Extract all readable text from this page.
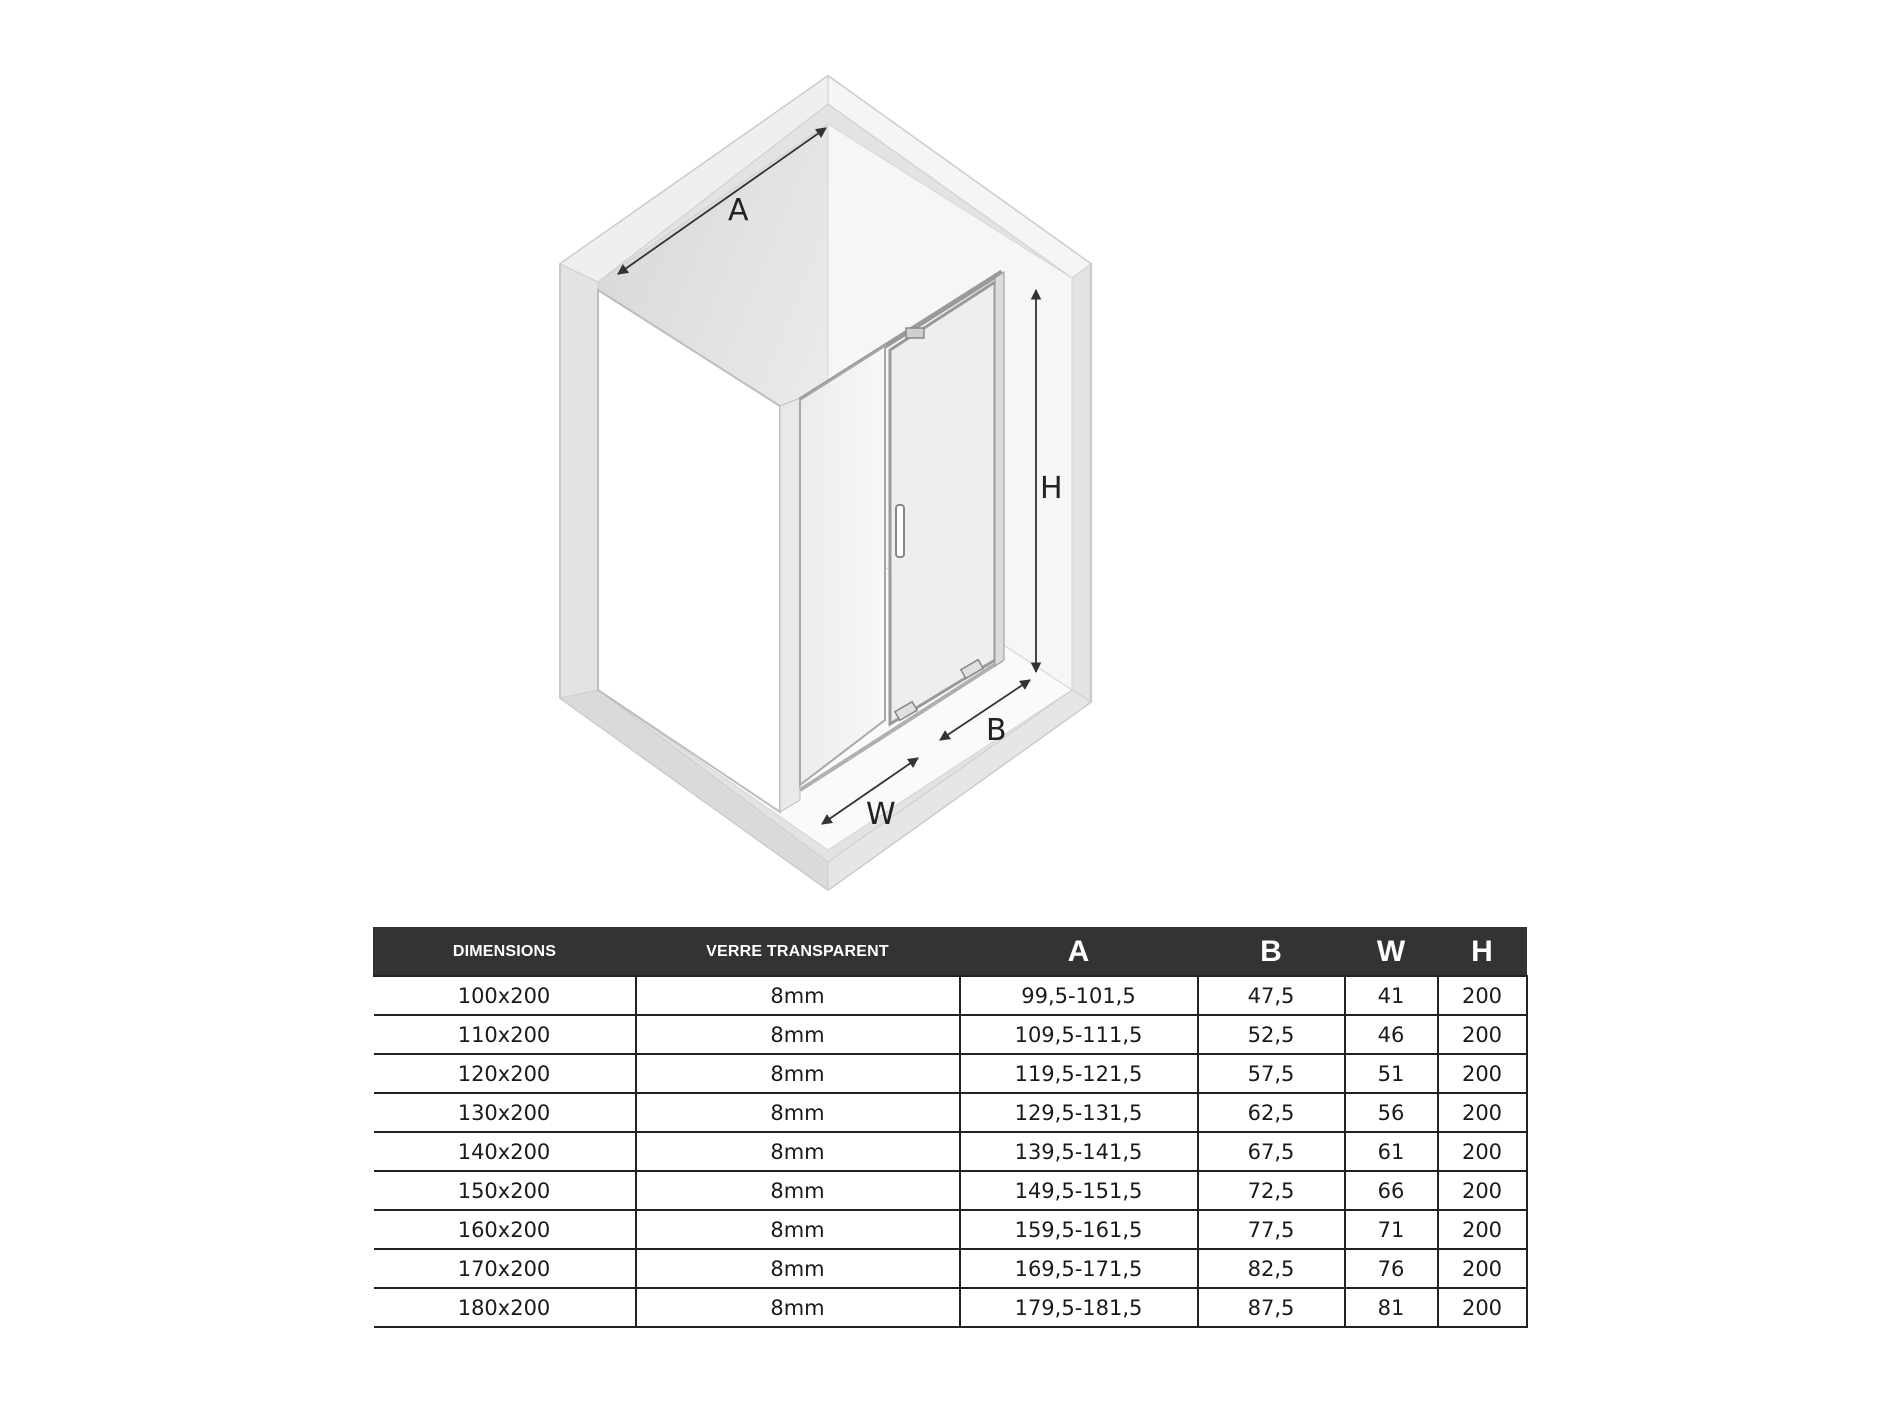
A
H
B
W
DIMENSIONS	VERRE TRANSPARENT	A	B	W	H
100x200	8mm	99,5-101,5	47,5	41	200
110x200	8mm	109,5-111,5	52,5	46	200
120x200	8mm	119,5-121,5	57,5	51	200
130x200	8mm	129,5-131,5	62,5	56	200
140x200	8mm	139,5-141,5	67,5	61	200
150x200	8mm	149,5-151,5	72,5	66	200
160x200	8mm	159,5-161,5	77,5	71	200
170x200	8mm	169,5-171,5	82,5	76	200
180x200	8mm	179,5-181,5	87,5	81	200
